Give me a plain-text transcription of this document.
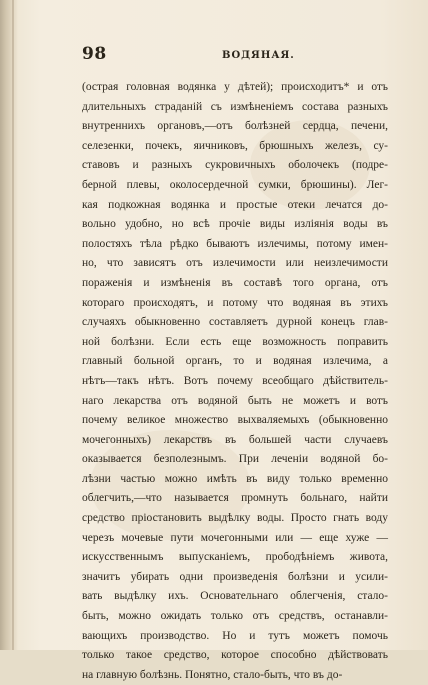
98	ВОДЯНАЯ.
(острая головная водянка у дѣтей); происходитъ* и отъ
длительныхъ страданій съ измѣненіемъ состава разныхъ
внутреннихъ органовъ,—отъ болѣзней сердца, печени,
селезенки, почекъ, яичниковъ, брюшныхъ железъ, су-
ставовъ и разныхъ сукровичныхъ оболочекъ (подре-
берной плевы, околосердечной сумки, брюшины). Лег-
кая подкожная водянка и простые отеки лечатся до-
вольно удобно, но всѣ прочіе виды изліянія воды въ
полостяхъ тѣла рѣдко бываютъ излечимы, потому имен-
но, что зависятъ отъ излечимости или неизлечимости
пораженія и измѣненія въ составѣ того органа, отъ
котораго происходятъ, и потому что водяная въ этихъ
случаяхъ обыкновенно составляетъ дурной конецъ глав-
ной болѣзни. Если есть еще возможность поправить
главный больной органъ, то и водяная излечима, а
нѣтъ—такъ нѣтъ. Вотъ почему всеобщаго дѣйствитель-
наго лекарства отъ водяной быть не можетъ и вотъ
почему великое множество выхваляемыхъ (обыкновенно
мочегонныхъ) лекарствъ въ большей части случаевъ
оказывается безполезнымъ. При леченіи водяной бо-
лѣзни частью можно имѣть въ виду только временно
облегчить,—что называется промнуть больнаго, найти
средство пріостановить выдѣлку воды. Просто гнать воду
черезъ мочевые пути мочегонными или — еще хуже —
искусственнымъ выпусканіемъ, прободѣніемъ живота,
значитъ убирать одни произведенія болѣзни и усили-
вать выдѣлку ихъ. Основательнаго облегченія, стало-
быть, можно ожидать только отъ средствъ, останавли-
вающихъ производство. Но и тутъ можетъ помочь
только такое средство, которое способно дѣйствовать
на главную болѣзнь. Понятно, стало-быть, что въ до-
